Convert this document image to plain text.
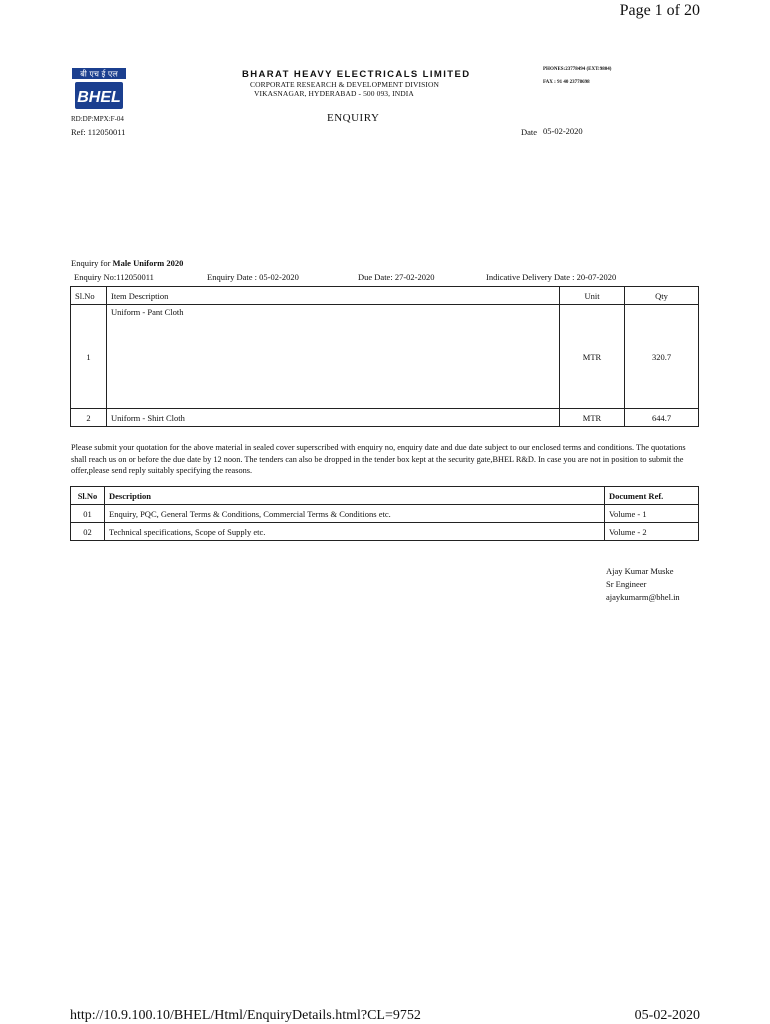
Page 1 of 20
बी एच ई एल
BHEL
BHARAT HEAVY ELECTRICALS LIMITED
CORPORATE RESEARCH & DEVELOPMENT DIVISION
VIKASNAGAR, HYDERABAD - 500 093, INDIA
PHONES:23778494 (EXT:9804)
FAX : 91 40 23778698
RD:DP:MPX:F-04	ENQUIRY
Ref: 112050011	Date 05-02-2020
Enquiry for Male Uniform 2020
Enquiry No:112050011	Enquiry Date : 05-02-2020	Due Date: 27-02-2020	Indicative Delivery Date : 20-07-2020
Sl.No	Item Description	Unit	Qty
1	Uniform - Pant Cloth	MTR	320.7
2	Uniform - Shirt Cloth	MTR	644.7
Please submit your quotation for the above material in sealed cover superscribed with enquiry no, enquiry date and due date subject to our enclosed terms and conditions. The quotations shall reach us on or before the due date by 12 noon. The tenders can also be dropped in the tender box kept at the security gate,BHEL R&D. In case you are not in position to submit the offer,please send reply suitably specifying the reasons.
Sl.No	Description	Document Ref.
01	Enquiry, PQC, General Terms & Conditions, Commercial Terms & Conditions etc.	Volume - 1
02	Technical specifications, Scope of Supply etc.	Volume - 2
Ajay Kumar Muske
Sr Engineer
ajaykumarm@bhel.in
http://10.9.100.10/BHEL/Html/EnquiryDetails.html?CL=9752	05-02-2020
